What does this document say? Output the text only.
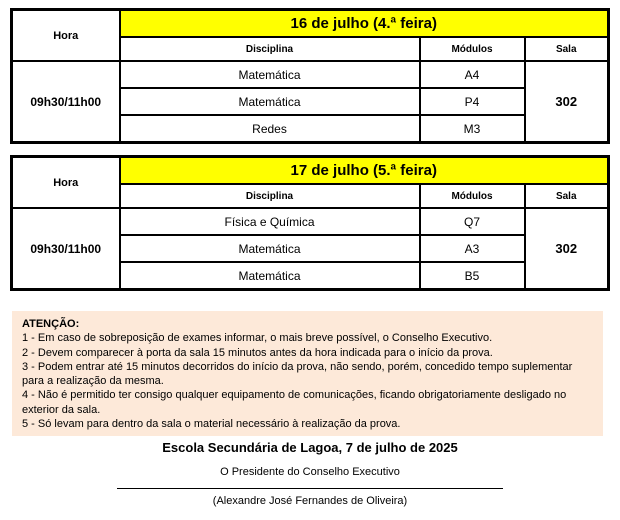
Hora	16 de julho (4.ª feira)		
	Disciplina	Módulos	Sala
09h30/11h00	Matemática	A4	302
	Matemática	P4	
	Redes	M3	
Hora	17 de julho (5.ª feira)		
	Disciplina	Módulos	Sala
09h30/11h00	Física e Química	Q7	302
	Matemática	A3	
	Matemática	B5	
ATENÇÃO:
1 - Em caso de sobreposição de exames informar, o mais breve possível, o Conselho Executivo.
2 - Devem comparecer à porta da sala 15 minutos antes da hora indicada para o início da prova.
3 - Podem entrar até 15 minutos decorridos do início da prova, não sendo, porém, concedido tempo suplementar para a realização da mesma.
4 - Não é permitido ter consigo qualquer equipamento de comunicações, ficando obrigatoriamente desligado no exterior da sala.
5 - Só levam para dentro da sala o material necessário à realização da prova.
Escola Secundária de Lagoa, 7 de julho de 2025
O Presidente do Conselho Executivo
(Alexandre José Fernandes de Oliveira)
